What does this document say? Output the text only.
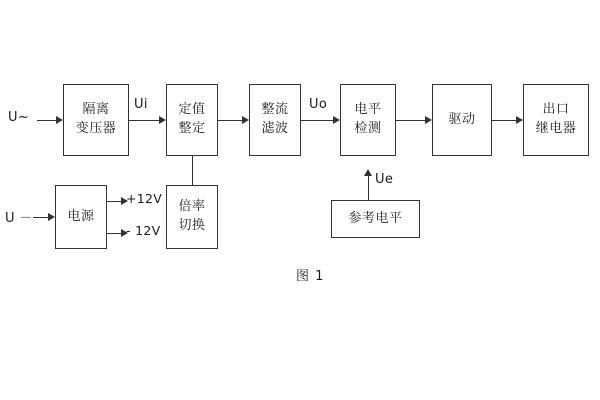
隔离
变压器
定值
整定
整流
滤波
电平
检测
驱动
出口
继电器
电源
倍率
切换	参考电平
U~
U －
Ui	Uo
Ue
+12V
- 12V
图 1
